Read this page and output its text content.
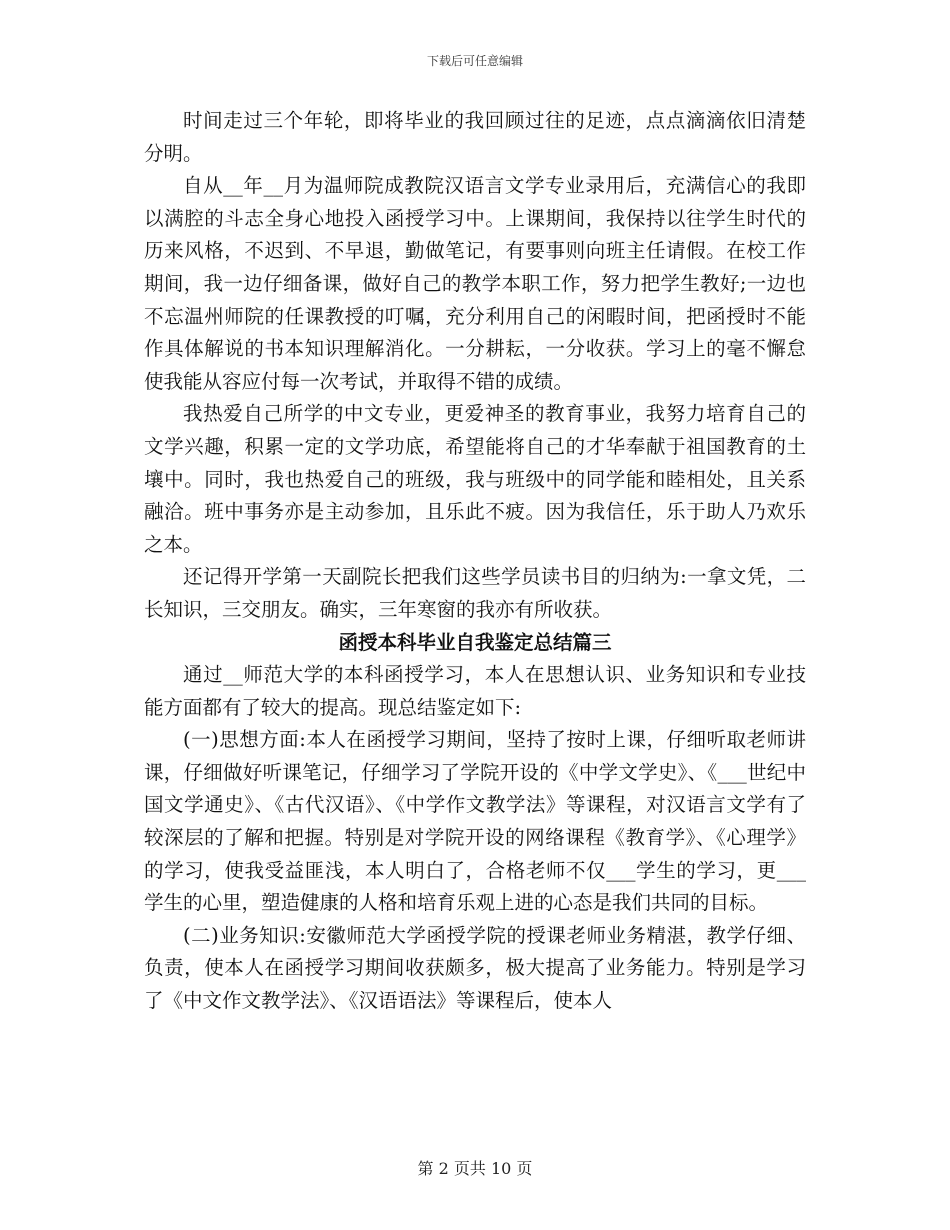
下载后可任意编辑

时间走过三个年轮，即将毕业的我回顾过往的足迹，点点滴滴依旧清楚分明。

自从__年__月为温师院成教院汉语言文学专业录用后，充满信心的我即以满腔的斗志全身心地投入函授学习中。上课期间，我保持以往学生时代的历来风格，不迟到、不早退，勤做笔记，有要事则向班主任请假。在校工作期间，我一边仔细备课，做好自己的教学本职工作，努力把学生教好;一边也不忘温州师院的任课教授的叮嘱，充分利用自己的闲暇时间，把函授时不能作具体解说的书本知识理解消化。一分耕耘，一分收获。学习上的毫不懈怠使我能从容应付每一次考试，并取得不错的成绩。

我热爱自己所学的中文专业，更爱神圣的教育事业，我努力培育自己的文学兴趣，积累一定的文学功底，希望能将自己的才华奉献于祖国教育的土壤中。同时，我也热爱自己的班级，我与班级中的同学能和睦相处，且关系融洽。班中事务亦是主动参加，且乐此不疲。因为我信任，乐于助人乃欢乐之本。

还记得开学第一天副院长把我们这些学员读书目的归纳为:一拿文凭，二长知识，三交朋友。确实，三年寒窗的我亦有所收获。

函授本科毕业自我鉴定总结篇三

通过__师范大学的本科函授学习，本人在思想认识、业务知识和专业技能方面都有了较大的提高。现总结鉴定如下:

(一)思想方面:本人在函授学习期间，坚持了按时上课，仔细听取老师讲课，仔细做好听课笔记，仔细学习了学院开设的《中学文学史》、《___世纪中国文学通史》、《古代汉语》、《中学作文教学法》等课程，对汉语言文学有了较深层的了解和把握。特别是对学院开设的网络课程《教育学》、《心理学》的学习，使我受益匪浅，本人明白了，合格老师不仅___学生的学习，更___学生的心里，塑造健康的人格和培育乐观上进的心态是我们共同的目标。

(二)业务知识:安徽师范大学函授学院的授课老师业务精湛，教学仔细、负责，使本人在函授学习期间收获颇多，极大提高了业务能力。特别是学习了《中文作文教学法》、《汉语语法》等课程后，使本人

第 2 页共 10 页
